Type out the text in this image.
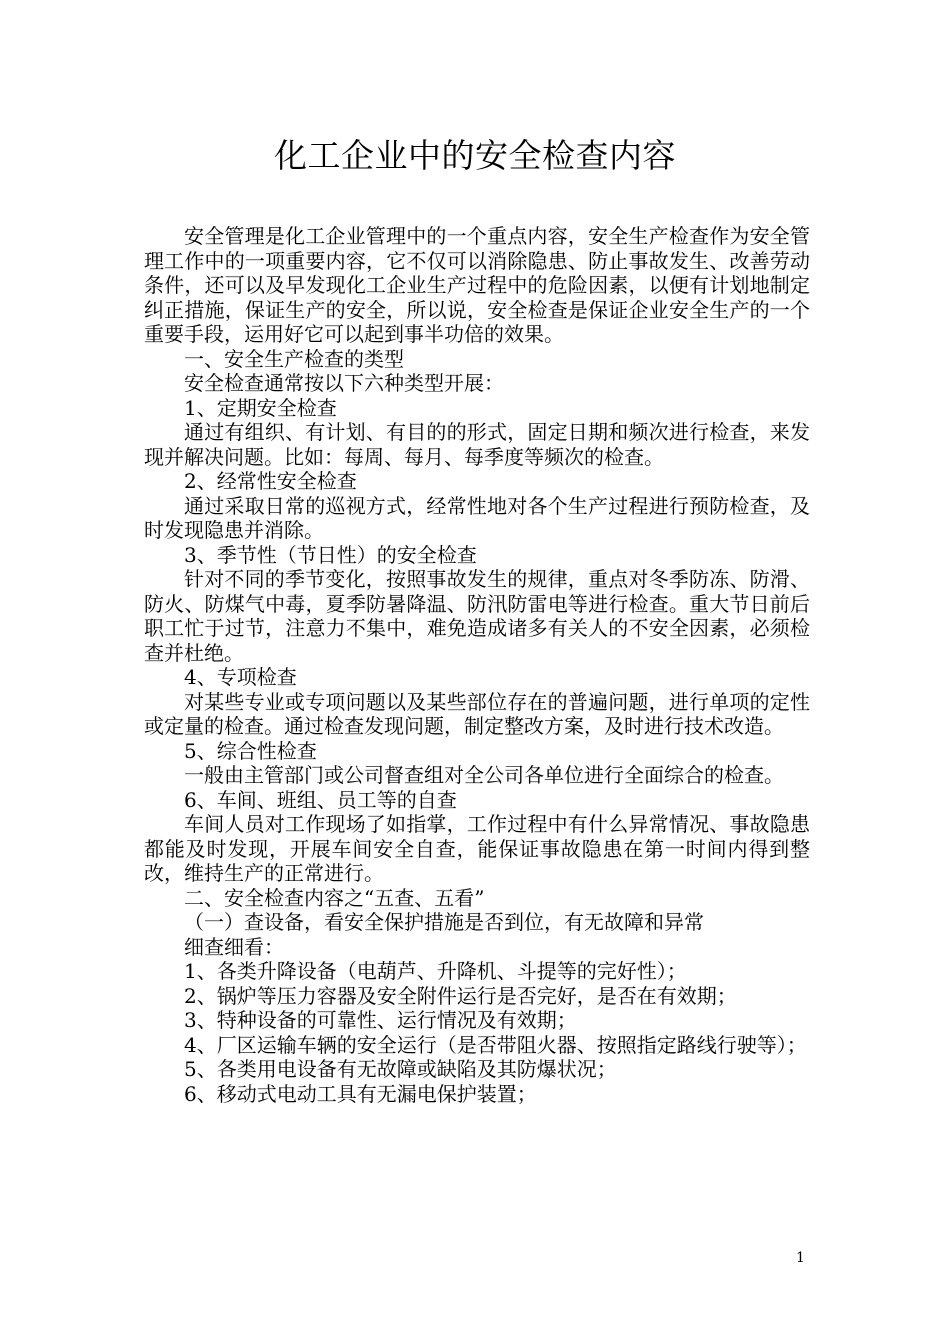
化工企业中的安全检查内容

安全管理是化工企业管理中的一个重点内容，安全生产检查作为安全管理工作中的一项重要内容，它不仅可以消除隐患、防止事故发生、改善劳动条件，还可以及早发现化工企业生产过程中的危险因素，以便有计划地制定纠正措施，保证生产的安全，所以说，安全检查是保证企业安全生产的一个重要手段，运用好它可以起到事半功倍的效果。

一、安全生产检查的类型

安全检查通常按以下六种类型开展：

1、定期安全检查

通过有组织、有计划、有目的的形式，固定日期和频次进行检查，来发现并解决问题。比如：每周、每月、每季度等频次的检查。

2、经常性安全检查

通过采取日常的巡视方式，经常性地对各个生产过程进行预防检查，及时发现隐患并消除。

3、季节性（节日性）的安全检查

针对不同的季节变化，按照事故发生的规律，重点对冬季防冻、防滑、防火、防煤气中毒，夏季防暑降温、防汛防雷电等进行检查。重大节日前后职工忙于过节，注意力不集中，难免造成诸多有关人的不安全因素，必须检查并杜绝。

4、专项检查

对某些专业或专项问题以及某些部位存在的普遍问题，进行单项的定性或定量的检查。通过检查发现问题，制定整改方案，及时进行技术改造。

5、综合性检查

一般由主管部门或公司督查组对全公司各单位进行全面综合的检查。

6、车间、班组、员工等的自查

车间人员对工作现场了如指掌，工作过程中有什么异常情况、事故隐患都能及时发现，开展车间安全自查，能保证事故隐患在第一时间内得到整改，维持生产的正常进行。

二、安全检查内容之“五查、五看”

（一）查设备，看安全保护措施是否到位，有无故障和异常

细查细看：

1、各类升降设备（电葫芦、升降机、斗提等的完好性）；

2、锅炉等压力容器及安全附件运行是否完好，是否在有效期；

3、特种设备的可靠性、运行情况及有效期；

4、厂区运输车辆的安全运行（是否带阻火器、按照指定路线行驶等）；

5、各类用电设备有无故障或缺陷及其防爆状况；

6、移动式电动工具有无漏电保护装置；

1
